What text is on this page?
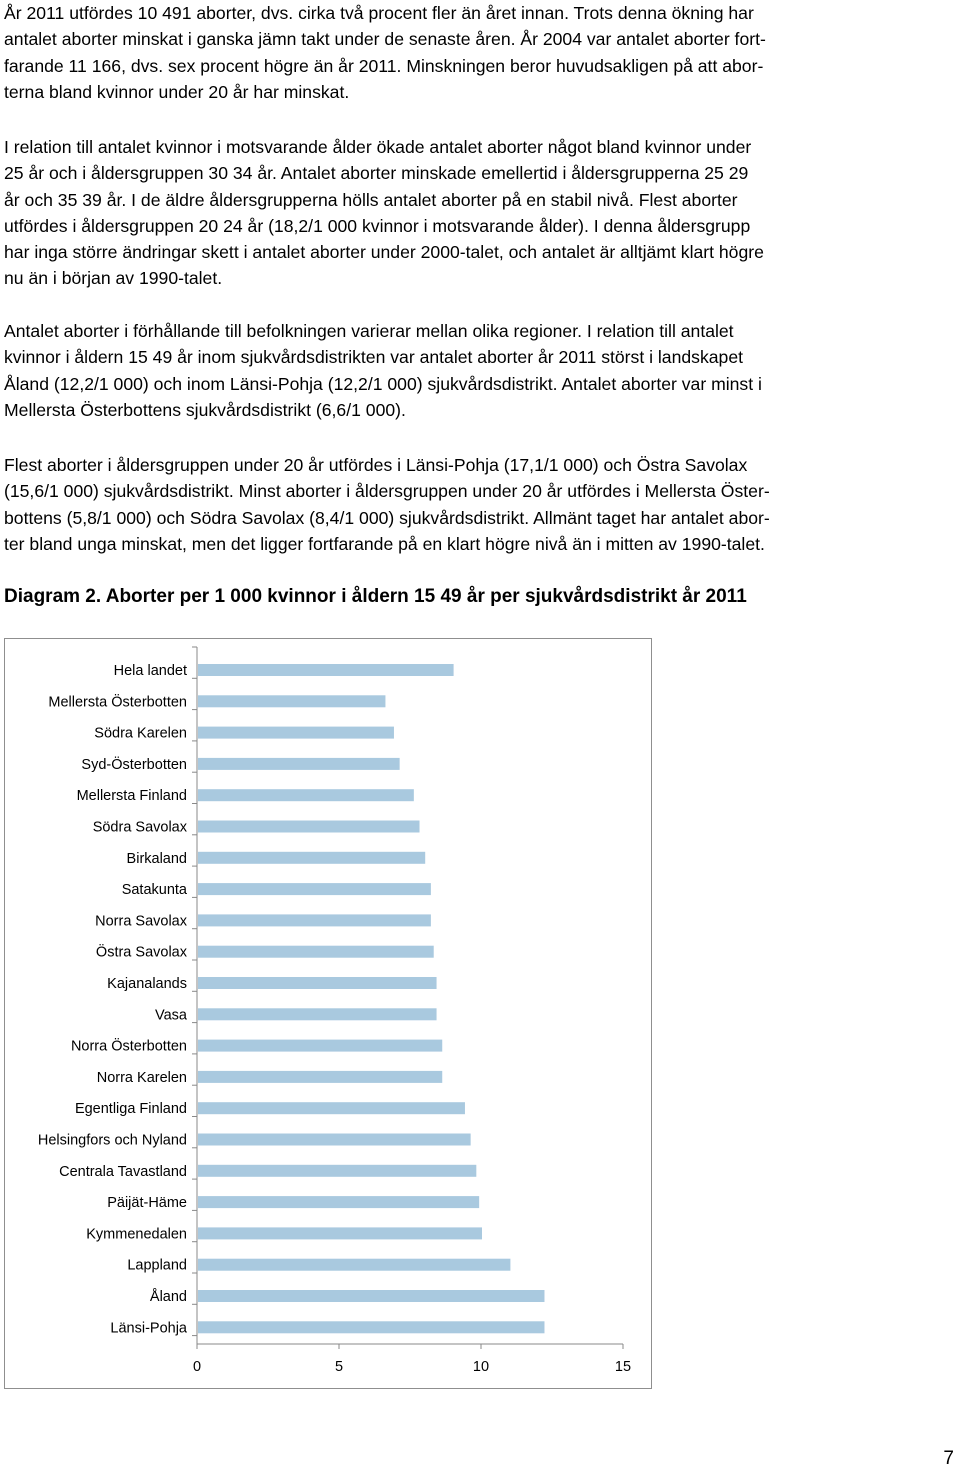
År 2011 utfördes 10 491 aborter, dvs. cirka två procent fler än året innan. Trots denna ökning har
antalet aborter minskat i ganska jämn takt under de senaste åren. År 2004 var antalet aborter fort-
farande 11 166, dvs. sex procent högre än år 2011. Minskningen beror huvudsakligen på att abor-
terna bland kvinnor under 20 år har minskat.
I relation till antalet kvinnor i motsvarande ålder ökade antalet aborter något bland kvinnor under
25 år och i åldersgruppen 30 34 år. Antalet aborter minskade emellertid i åldersgrupperna 25 29
år och 35 39 år. I de äldre åldersgrupperna hölls antalet aborter på en stabil nivå. Flest aborter
utfördes i åldersgruppen 20 24 år (18,2/1 000 kvinnor i motsvarande ålder). I denna åldersgrupp
har inga större ändringar skett i antalet aborter under 2000-talet, och antalet är alltjämt klart högre
nu än i början av 1990-talet.
Antalet aborter i förhållande till befolkningen varierar mellan olika regioner. I relation till antalet
kvinnor i åldern 15 49 år inom sjukvårdsdistrikten var antalet aborter år 2011 störst i landskapet
Åland (12,2/1 000) och inom Länsi-Pohja (12,2/1 000) sjukvårdsdistrikt. Antalet aborter var minst i
Mellersta Österbottens sjukvårdsdistrikt (6,6/1 000).
Flest aborter i åldersgruppen under 20 år utfördes i Länsi-Pohja (17,1/1 000) och Östra Savolax
(15,6/1 000) sjukvårdsdistrikt. Minst aborter i åldersgruppen under 20 år utfördes i Mellersta Öster-
bottens (5,8/1 000) och Södra Savolax (8,4/1 000) sjukvårdsdistrikt. Allmänt taget har antalet abor-
ter bland unga minskat, men det ligger fortfarande på en klart högre nivå än i mitten av 1990-talet.
Diagram 2. Aborter per 1 000 kvinnor i åldern 15 49 år per sjukvårdsdistrikt år 2011
0	5	10	15
Hela landet
Mellersta Österbotten
Södra Karelen
Syd-Österbotten
Mellersta Finland
Södra Savolax
Birkaland
Satakunta
Norra Savolax
Östra Savolax
Kajanalands
Vasa
Norra Österbotten
Norra Karelen
Egentliga Finland
Helsingfors och Nyland
Centrala Tavastland
Päijät-Häme
Kymmenedalen
Lappland
Åland
Länsi-Pohja
7
